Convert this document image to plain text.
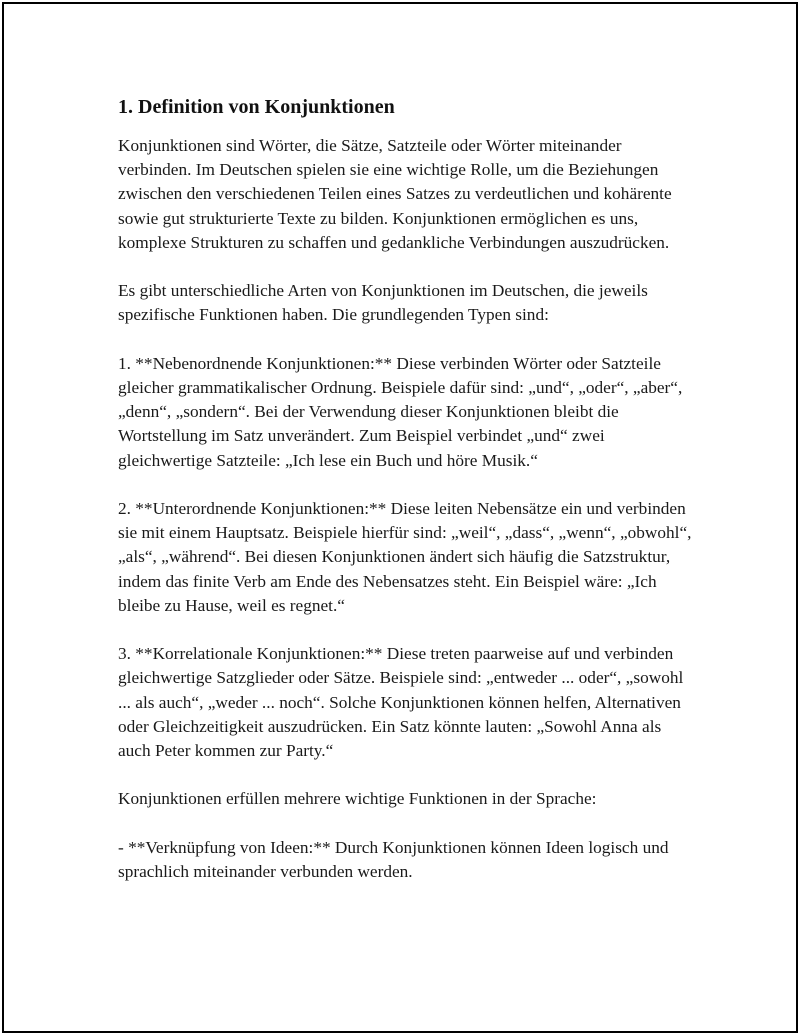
1. Definition von Konjunktionen

Konjunktionen sind Wörter, die Sätze, Satzteile oder Wörter miteinander verbinden. Im Deutschen spielen sie eine wichtige Rolle, um die Beziehungen zwischen den verschiedenen Teilen eines Satzes zu verdeutlichen und kohärente sowie gut strukturierte Texte zu bilden. Konjunktionen ermöglichen es uns, komplexe Strukturen zu schaffen und gedankliche Verbindungen auszudrücken.

Es gibt unterschiedliche Arten von Konjunktionen im Deutschen, die jeweils spezifische Funktionen haben. Die grundlegenden Typen sind:

1. **Nebenordnende Konjunktionen:** Diese verbinden Wörter oder Satzteile gleicher grammatikalischer Ordnung. Beispiele dafür sind: „und“, „oder“, „aber“, „denn“, „sondern“. Bei der Verwendung dieser Konjunktionen bleibt die Wortstellung im Satz unverändert. Zum Beispiel verbindet „und“ zwei gleichwertige Satzteile: „Ich lese ein Buch und höre Musik.“

2. **Unterordnende Konjunktionen:** Diese leiten Nebensätze ein und verbinden sie mit einem Hauptsatz. Beispiele hierfür sind: „weil“, „dass“, „wenn“, „obwohl“, „als“, „während“. Bei diesen Konjunktionen ändert sich häufig die Satzstruktur, indem das finite Verb am Ende des Nebensatzes steht. Ein Beispiel wäre: „Ich bleibe zu Hause, weil es regnet.“

3. **Korrelationale Konjunktionen:** Diese treten paarweise auf und verbinden gleichwertige Satzglieder oder Sätze. Beispiele sind: „entweder ... oder“, „sowohl ... als auch“, „weder ... noch“. Solche Konjunktionen können helfen, Alternativen oder Gleichzeitigkeit auszudrücken. Ein Satz könnte lauten: „Sowohl Anna als auch Peter kommen zur Party.“

Konjunktionen erfüllen mehrere wichtige Funktionen in der Sprache:

- **Verknüpfung von Ideen:** Durch Konjunktionen können Ideen logisch und sprachlich miteinander verbunden werden.
